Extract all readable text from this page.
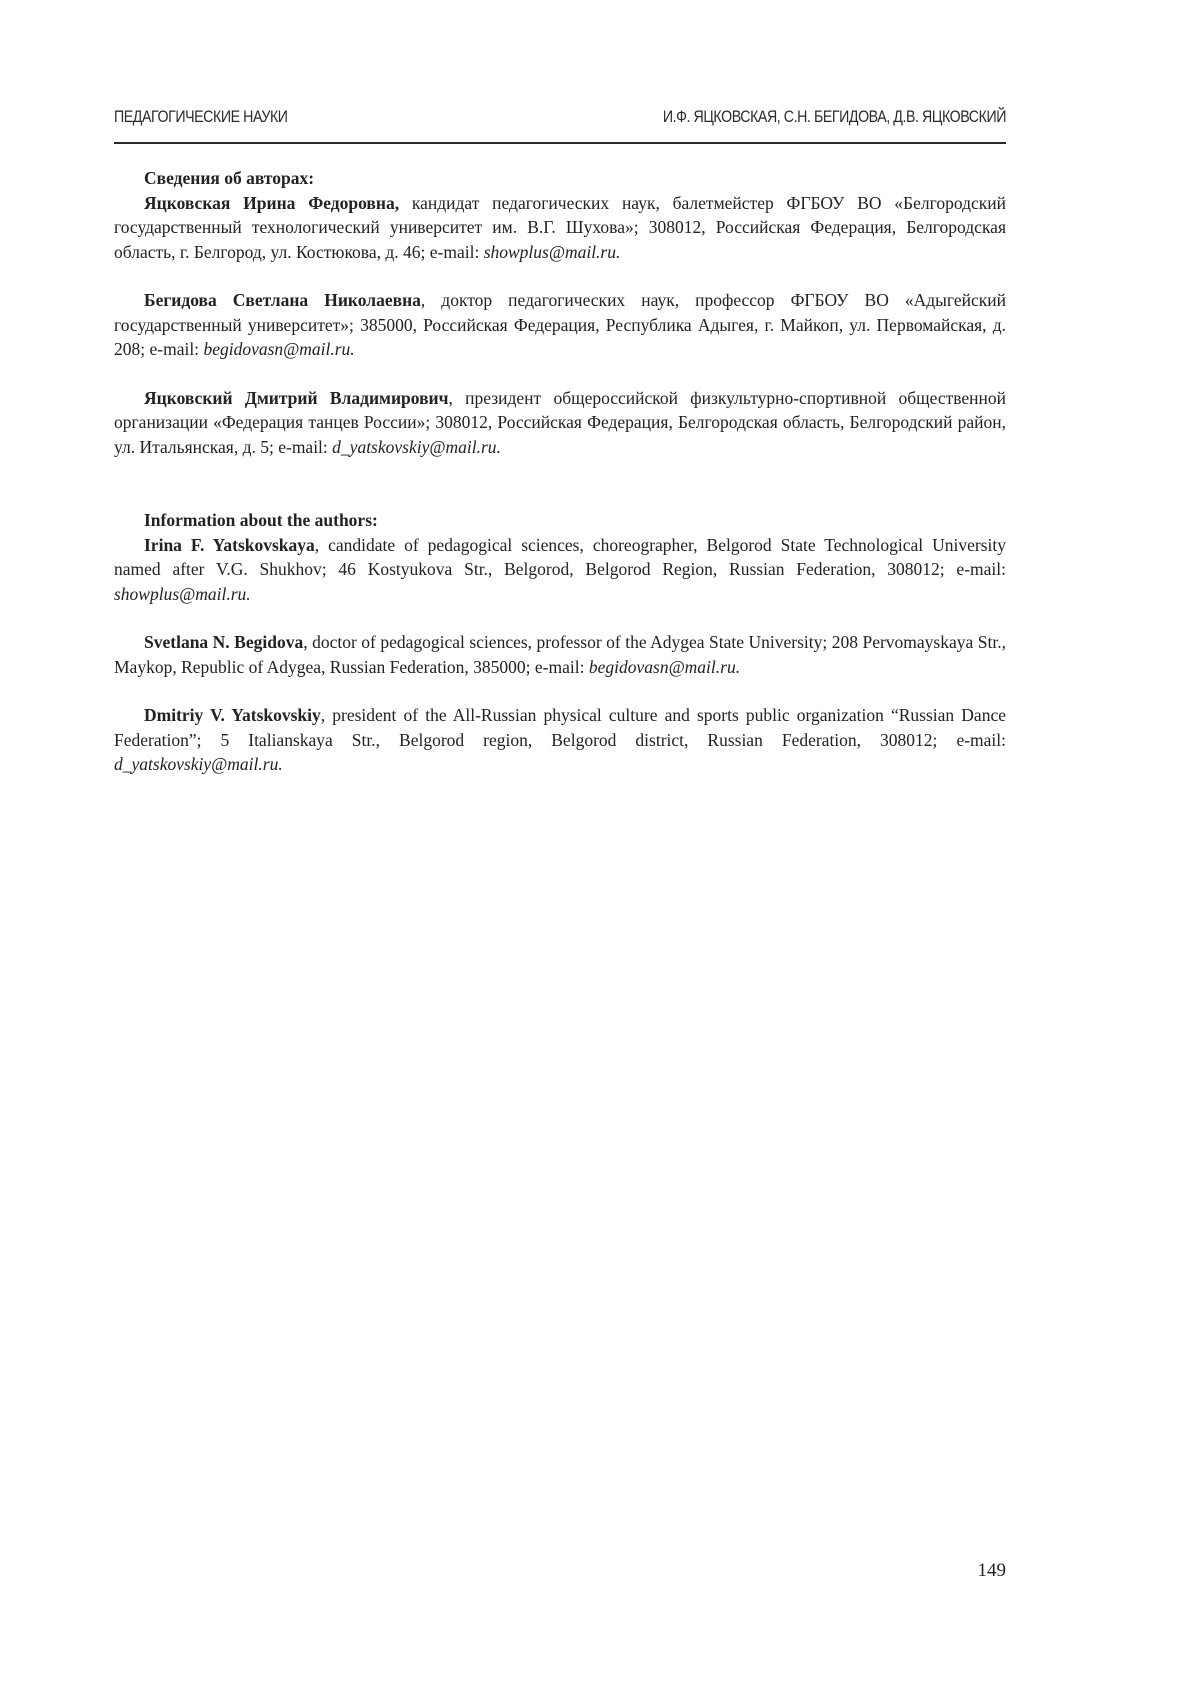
ПЕДАГОГИЧЕСКИЕ НАУКИ	И.Ф. ЯЦКОВСКАЯ, С.Н. БЕГИДОВА, Д.В. ЯЦКОВСКИЙ

Сведения об авторах:

Яцковская Ирина Федоровна, кандидат педагогических наук, балетмейстер ФГБОУ ВО «Белгородский государственный технологический университет им. В.Г. Шухова»; 308012, Российская Федерация, Белгородская область, г. Белгород, ул. Костюкова, д. 46; e-mail: showplus@mail.ru.

Бегидова Светлана Николаевна, доктор педагогических наук, профессор ФГБОУ ВО «Адыгейский государственный университет»; 385000, Российская Федерация, Республика Адыгея, г. Майкоп, ул. Первомайская, д. 208; e-mail: begidovasn@mail.ru.

Яцковский Дмитрий Владимирович, президент общероссийской физкультурно-спортивной общественной организации «Федерация танцев России»; 308012, Российская Федерация, Белгородская область, Белгородский район, ул. Итальянская, д. 5; e-mail: d_yatskovskiy@mail.ru.

Information about the authors:

Irina F. Yatskovskaya, candidate of pedagogical sciences, choreographer, Belgorod State Technological University named after V.G. Shukhov; 46 Kostyukova Str., Belgorod, Belgorod Region, Russian Federation, 308012; e-mail: showplus@mail.ru.

Svetlana N. Begidova, doctor of pedagogical sciences, professor of the Adygea State University; 208 Pervomayskaya Str., Maykop, Republic of Adygea, Russian Federation, 385000; e-mail: begidovasn@mail.ru.

Dmitriy V. Yatskovskiy, president of the All-Russian physical culture and sports public organization “Russian Dance Federation”; 5 Italianskaya Str., Belgorod region, Belgorod district, Russian Federation, 308012; e-mail: d_yatskovskiy@mail.ru.

149
